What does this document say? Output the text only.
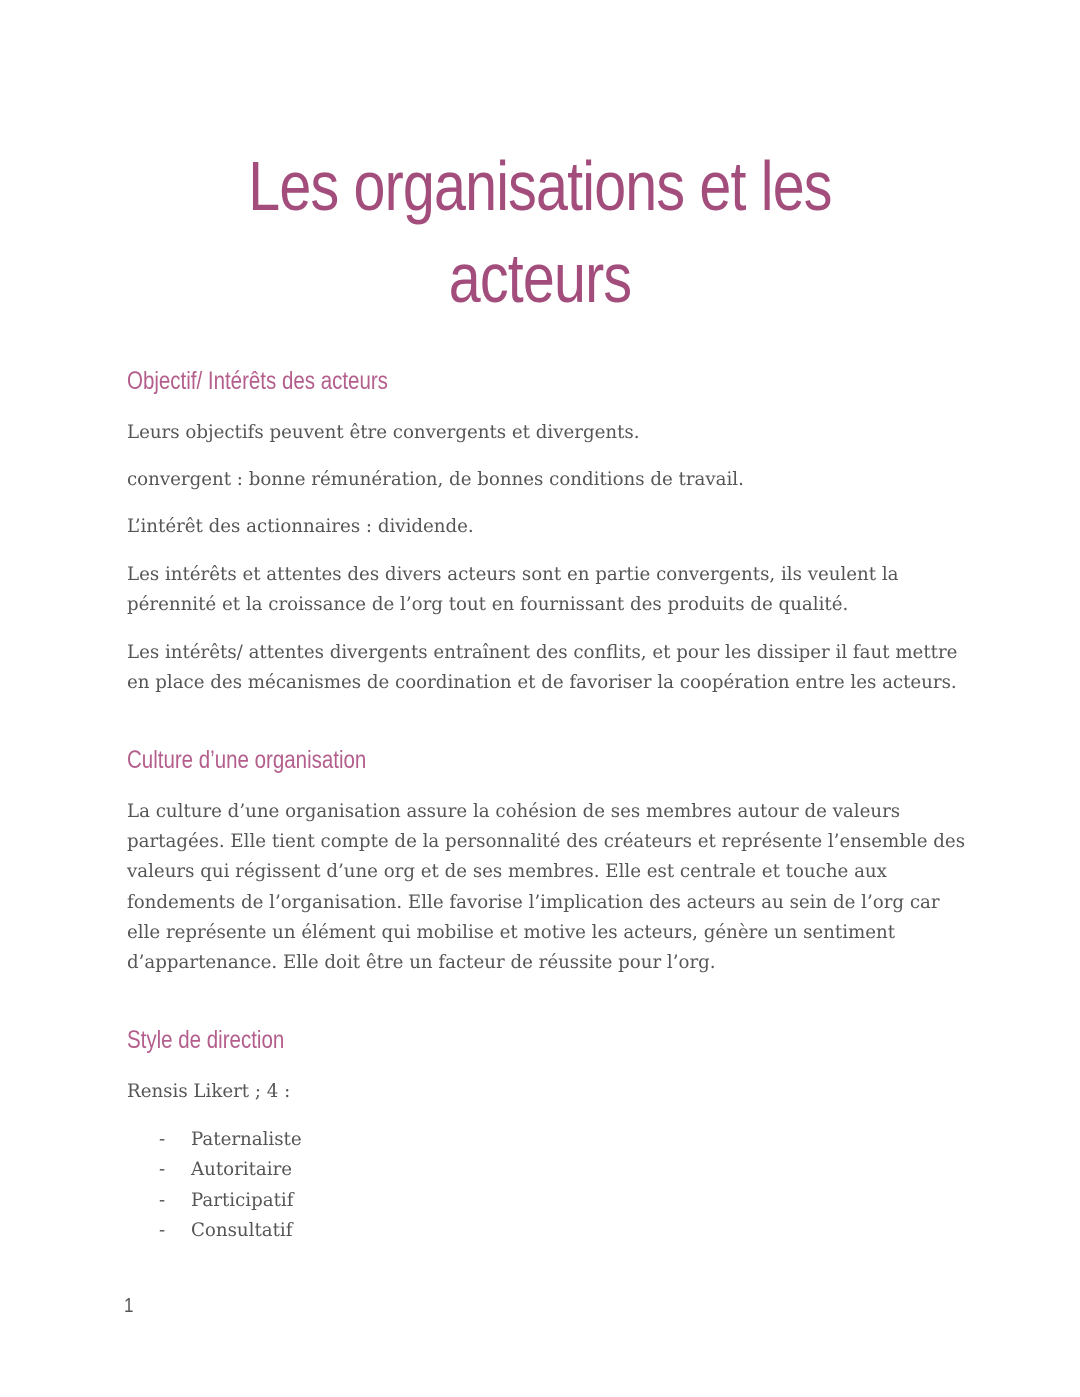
Les organisations et les
acteurs
Objectif/ Intérêts des acteurs
Leurs objectifs peuvent être convergents et divergents.
convergent : bonne rémunération, de bonnes conditions de travail.
L’intérêt des actionnaires : dividende.
Les intérêts et attentes des divers acteurs sont en partie convergents, ils veulent la
pérennité et la croissance de l’org tout en fournissant des produits de qualité.
Les intérêts/ attentes divergents entraînent des conflits, et pour les dissiper il faut mettre
en place des mécanismes de coordination et de favoriser la coopération entre les acteurs.
Culture d’une organisation
La culture d’une organisation assure la cohésion de ses membres autour de valeurs
partagées. Elle tient compte de la personnalité des créateurs et représente l’ensemble des
valeurs qui régissent d’une org et de ses membres. Elle est centrale et touche aux
fondements de l’organisation. Elle favorise l’implication des acteurs au sein de l’org car
elle représente un élément qui mobilise et motive les acteurs, génère un sentiment
d’appartenance. Elle doit être un facteur de réussite pour l’org.
Style de direction
Rensis Likert ; 4 :
- Paternaliste
- Autoritaire
- Participatif
- Consultatif
1
